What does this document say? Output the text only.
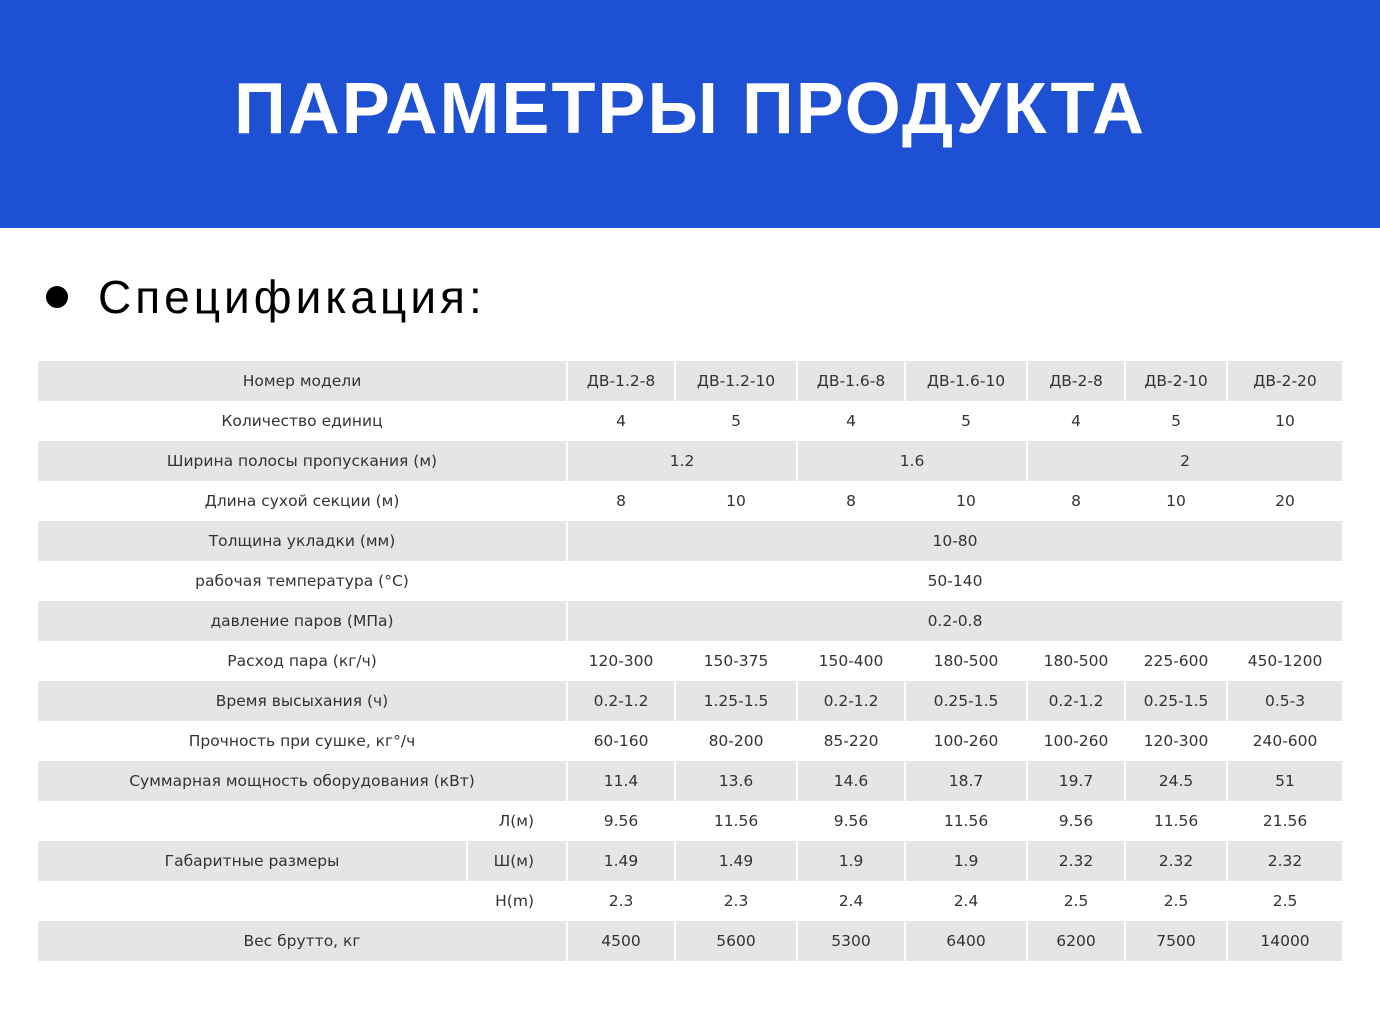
ПАРАМЕТРЫ ПРОДУКТА
Спецификация:
Номер модели		ДВ-1.2-8	ДВ-1.2-10	ДВ-1.6-8	ДВ-1.6-10	ДВ-2-8	ДВ-2-10	ДВ-2-20
Количество единиц		4	5	4	5	4	5	10
Ширина полосы пропускания (м)		1.2		1.6		2		
Длина сухой секции (м)		8	10	8	10	8	10	20
Толщина укладки (мм)		10-80						
рабочая температура (°C)		50-140						
давление паров (МПа)		0.2-0.8						
Расход пара (кг/ч)		120-300	150-375	150-400	180-500	180-500	225-600	450-1200
Время высыхания (ч)		0.2-1.2	1.25-1.5	0.2-1.2	0.25-1.5	0.2-1.2	0.25-1.5	0.5-3
Прочность при сушке, кг°/ч		60-160	80-200	85-220	100-260	100-260	120-300	240-600
Суммарная мощность оборудования (кВт)		11.4	13.6	14.6	18.7	19.7	24.5	51

Габаритные размеры	Л(м)	9.56	11.56	9.56	11.56	9.56	11.56	21.56
	Ш(м)	1.49	1.49	1.9	1.9	2.32	2.32	2.32
	H(m)	2.3	2.3	2.4	2.4	2.5	2.5	2.5
Вес брутто, кг		4500	5600	5300	6400	6200	7500	14000
